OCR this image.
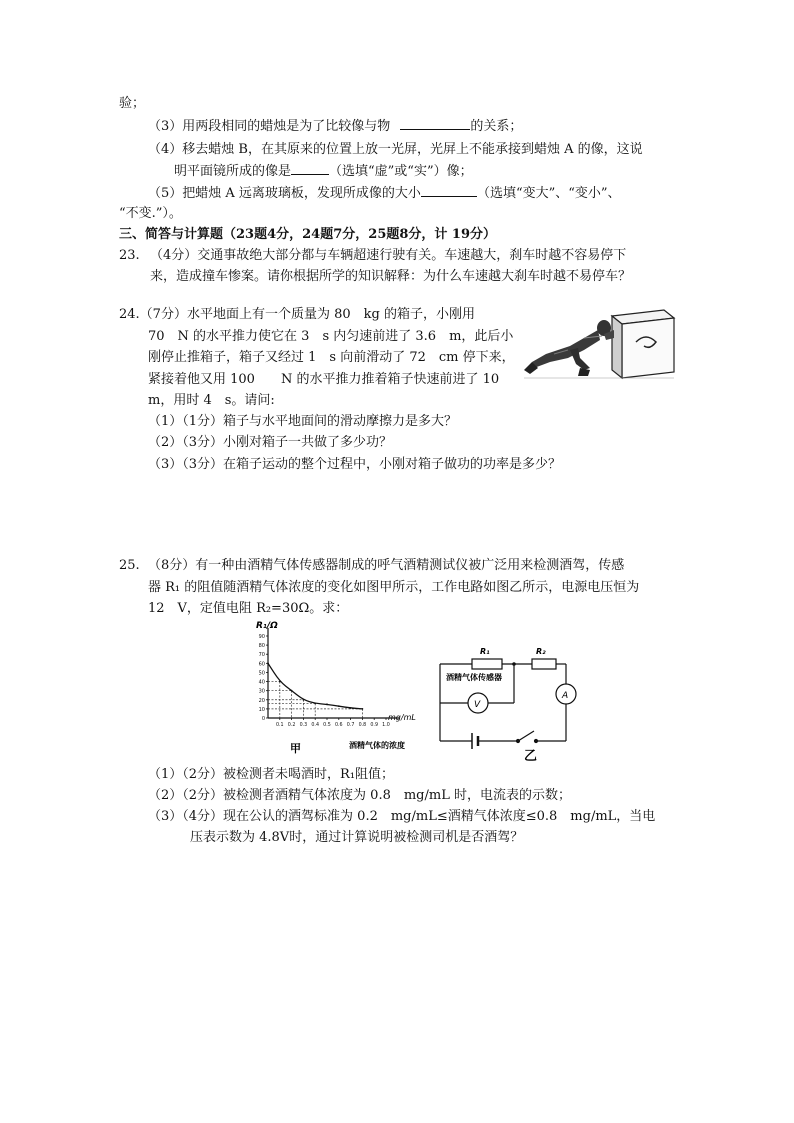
验；
（3）用两段相同的蜡烛是为了比较像与物	的关系；
（4）移去蜡烛 B，在其原来的位置上放一光屏，光屏上不能承接到蜡烛 A 的像，这说
明平面镜所成的像是	（选填“虚”或“实”）像；
（5）把蜡烛 A 远离玻璃板，发现所成像的大小	（选填“变大”、“变小”、
“不变.”）。
三、简答与计算题（23题4分，24题7分，25题8分，计 19分）
23. （4分）交通事故绝大部分都与车辆超速行驶有关。车速越大，刹车时越不容易停下
来，造成撞车惨案。请你根据所学的知识解释：为什么车速越大刹车时越不易停车？
24.（7分）水平地面上有一个质量为 80　kg 的箱子，小刚用
70　N 的水平推力使它在 3　s 内匀速前进了 3.6　m，此后小
刚停止推箱子，箱子又经过 1　s 向前滑动了 72　cm 停下来，
紧接着他又用 100　　N 的水平推力推着箱子快速前进了 10
m，用时 4　s。请问:
（1）（1分）箱子与水平地面间的滑动摩擦力是多大？
（2）（3分）小刚对箱子一共做了多少功？
（3）（3分）在箱子运动的整个过程中，小刚对箱子做功的功率是多少？
25. （8分）有一种由酒精气体传感器制成的呼气酒精测试仪被广泛用来检测酒驾，传感
器 R₁ 的阻值随酒精气体浓度的变化如图甲所示，工作电路如图乙所示，电源电压恒为
12　V，定值电阻 R₂=30Ω。求：
R₁/Ω
mg/mL
甲	酒精气体的浓度
0
10
20
30
40
50
60
70
80
90
0.1 0.2 0.3 0.4 0.5 0.6 0.7 0.8 0.9 1.0
R₁	R₂
酒精气体传感器
V
A
乙
（1）（2分）被检测者未喝酒时，R₁阻值；
（2）（2分）被检测者酒精气体浓度为 0.8　mg/mL 时，电流表的示数；
（3）（4分）现在公认的酒驾标准为 0.2　mg/mL≤酒精气体浓度≤0.8　mg/mL，当电
压表示数为 4.8V时，通过计算说明被检测司机是否酒驾？
